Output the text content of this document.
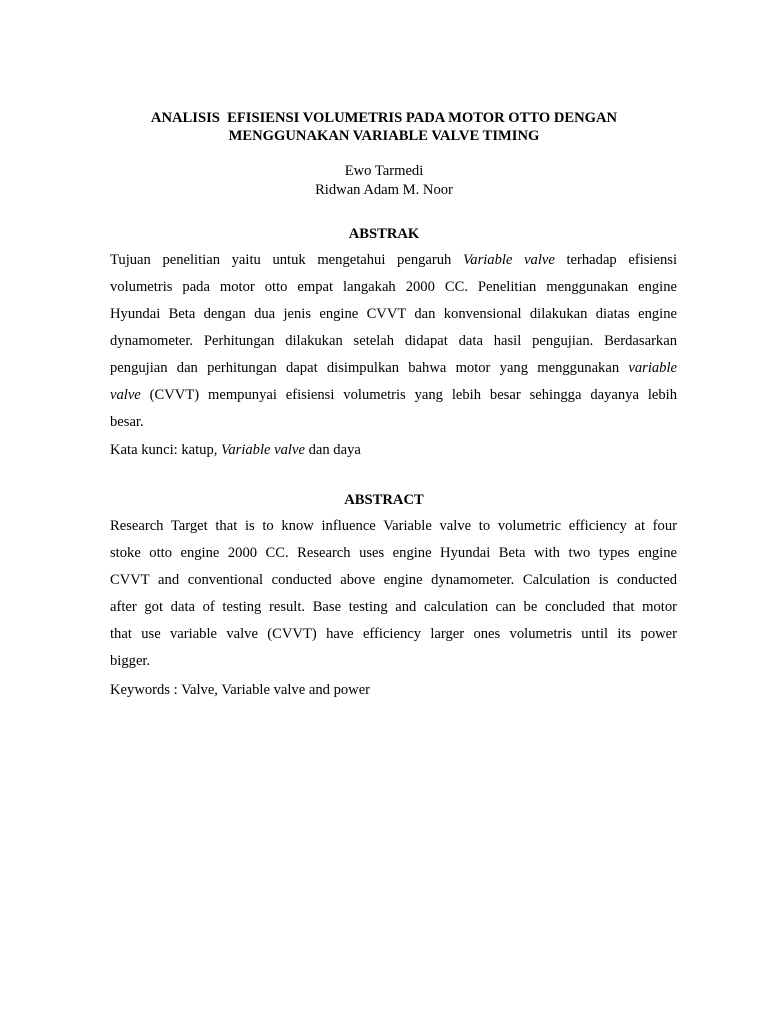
ANALISIS  EFISIENSI VOLUMETRIS PADA MOTOR OTTO DENGAN
MENGGUNAKAN VARIABLE VALVE TIMING
Ewo Tarmedi
Ridwan Adam M. Noor
ABSTRAK
Tujuan penelitian yaitu untuk mengetahui pengaruh Variable valve terhadap efisiensi
volumetris pada motor otto empat langakah 2000 CC. Penelitian menggunakan engine
Hyundai Beta dengan dua jenis engine CVVT dan konvensional dilakukan diatas engine
dynamometer. Perhitungan dilakukan setelah didapat data hasil pengujian. Berdasarkan
pengujian dan perhitungan dapat disimpulkan bahwa motor yang menggunakan variable
valve (CVVT) mempunyai efisiensi volumetris yang lebih besar sehingga dayanya lebih
besar.
Kata kunci: katup, Variable valve dan daya
ABSTRACT
Research Target that is to know influence Variable valve to volumetric efficiency at four
stoke otto engine 2000 CC. Research uses engine Hyundai Beta with two types engine
CVVT and conventional conducted above engine dynamometer. Calculation is conducted
after got data of testing result. Base testing and calculation can be concluded that motor
that use variable valve (CVVT) have efficiency larger ones volumetris until its power
bigger.
Keywords : Valve, Variable valve and power
